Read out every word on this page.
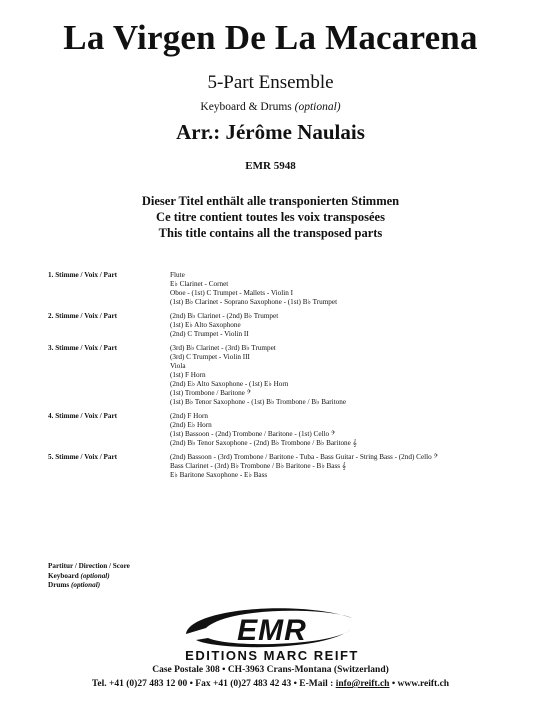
La Virgen De La Macarena
5-Part Ensemble
Keyboard & Drums (optional)
Arr.: Jérôme Naulais
EMR 5948
Dieser Titel enthält alle transponierten Stimmen
Ce titre contient toutes les voix transposées
This title contains all the transposed parts
1. Stimme / Voix / Part	Flute
E♭ Clarinet - Cornet
Oboe - (1st) C Trumpet - Mallets - Violin I
(1st) B♭ Clarinet - Soprano Saxophone - (1st) B♭ Trumpet
2. Stimme / Voix / Part	(2nd) B♭ Clarinet - (2nd) B♭ Trumpet
(1st) E♭ Alto Saxophone
(2nd) C Trumpet - Violin II
3. Stimme / Voix / Part	(3rd) B♭ Clarinet - (3rd) B♭ Trumpet
(3rd) C Trumpet - Violin III
Viola
(1st) F Horn
(2nd) E♭ Alto Saxophone - (1st) E♭ Horn
(1st) Trombone / Baritone 𝄢
(1st) B♭ Tenor Saxophone - (1st) B♭ Trombone / B♭ Baritone
4. Stimme / Voix / Part	(2nd) F Horn
(2nd) E♭ Horn
(1st) Bassoon - (2nd) Trombone / Baritone - (1st) Cello 𝄢
(2nd) B♭ Tenor Saxophone - (2nd) B♭ Trombone / B♭ Baritone 𝄞
5. Stimme / Voix / Part	(2nd) Bassoon - (3rd) Trombone / Baritone - Tuba - Bass Guitar - String Bass - (2nd) Cello 𝄢
Bass Clarinet - (3rd) B♭ Trombone / B♭ Baritone - B♭ Bass 𝄞
E♭ Baritone Saxophone - E♭ Bass
Partitur / Direction / Score
Keyboard (optional)
Drums (optional)
EMR
EDITIONS MARC REIFT
Case Postale 308 • CH-3963 Crans-Montana (Switzerland)
Tel. +41 (0)27 483 12 00 • Fax +41 (0)27 483 42 43 • E-Mail : info@reift.ch • www.reift.ch
